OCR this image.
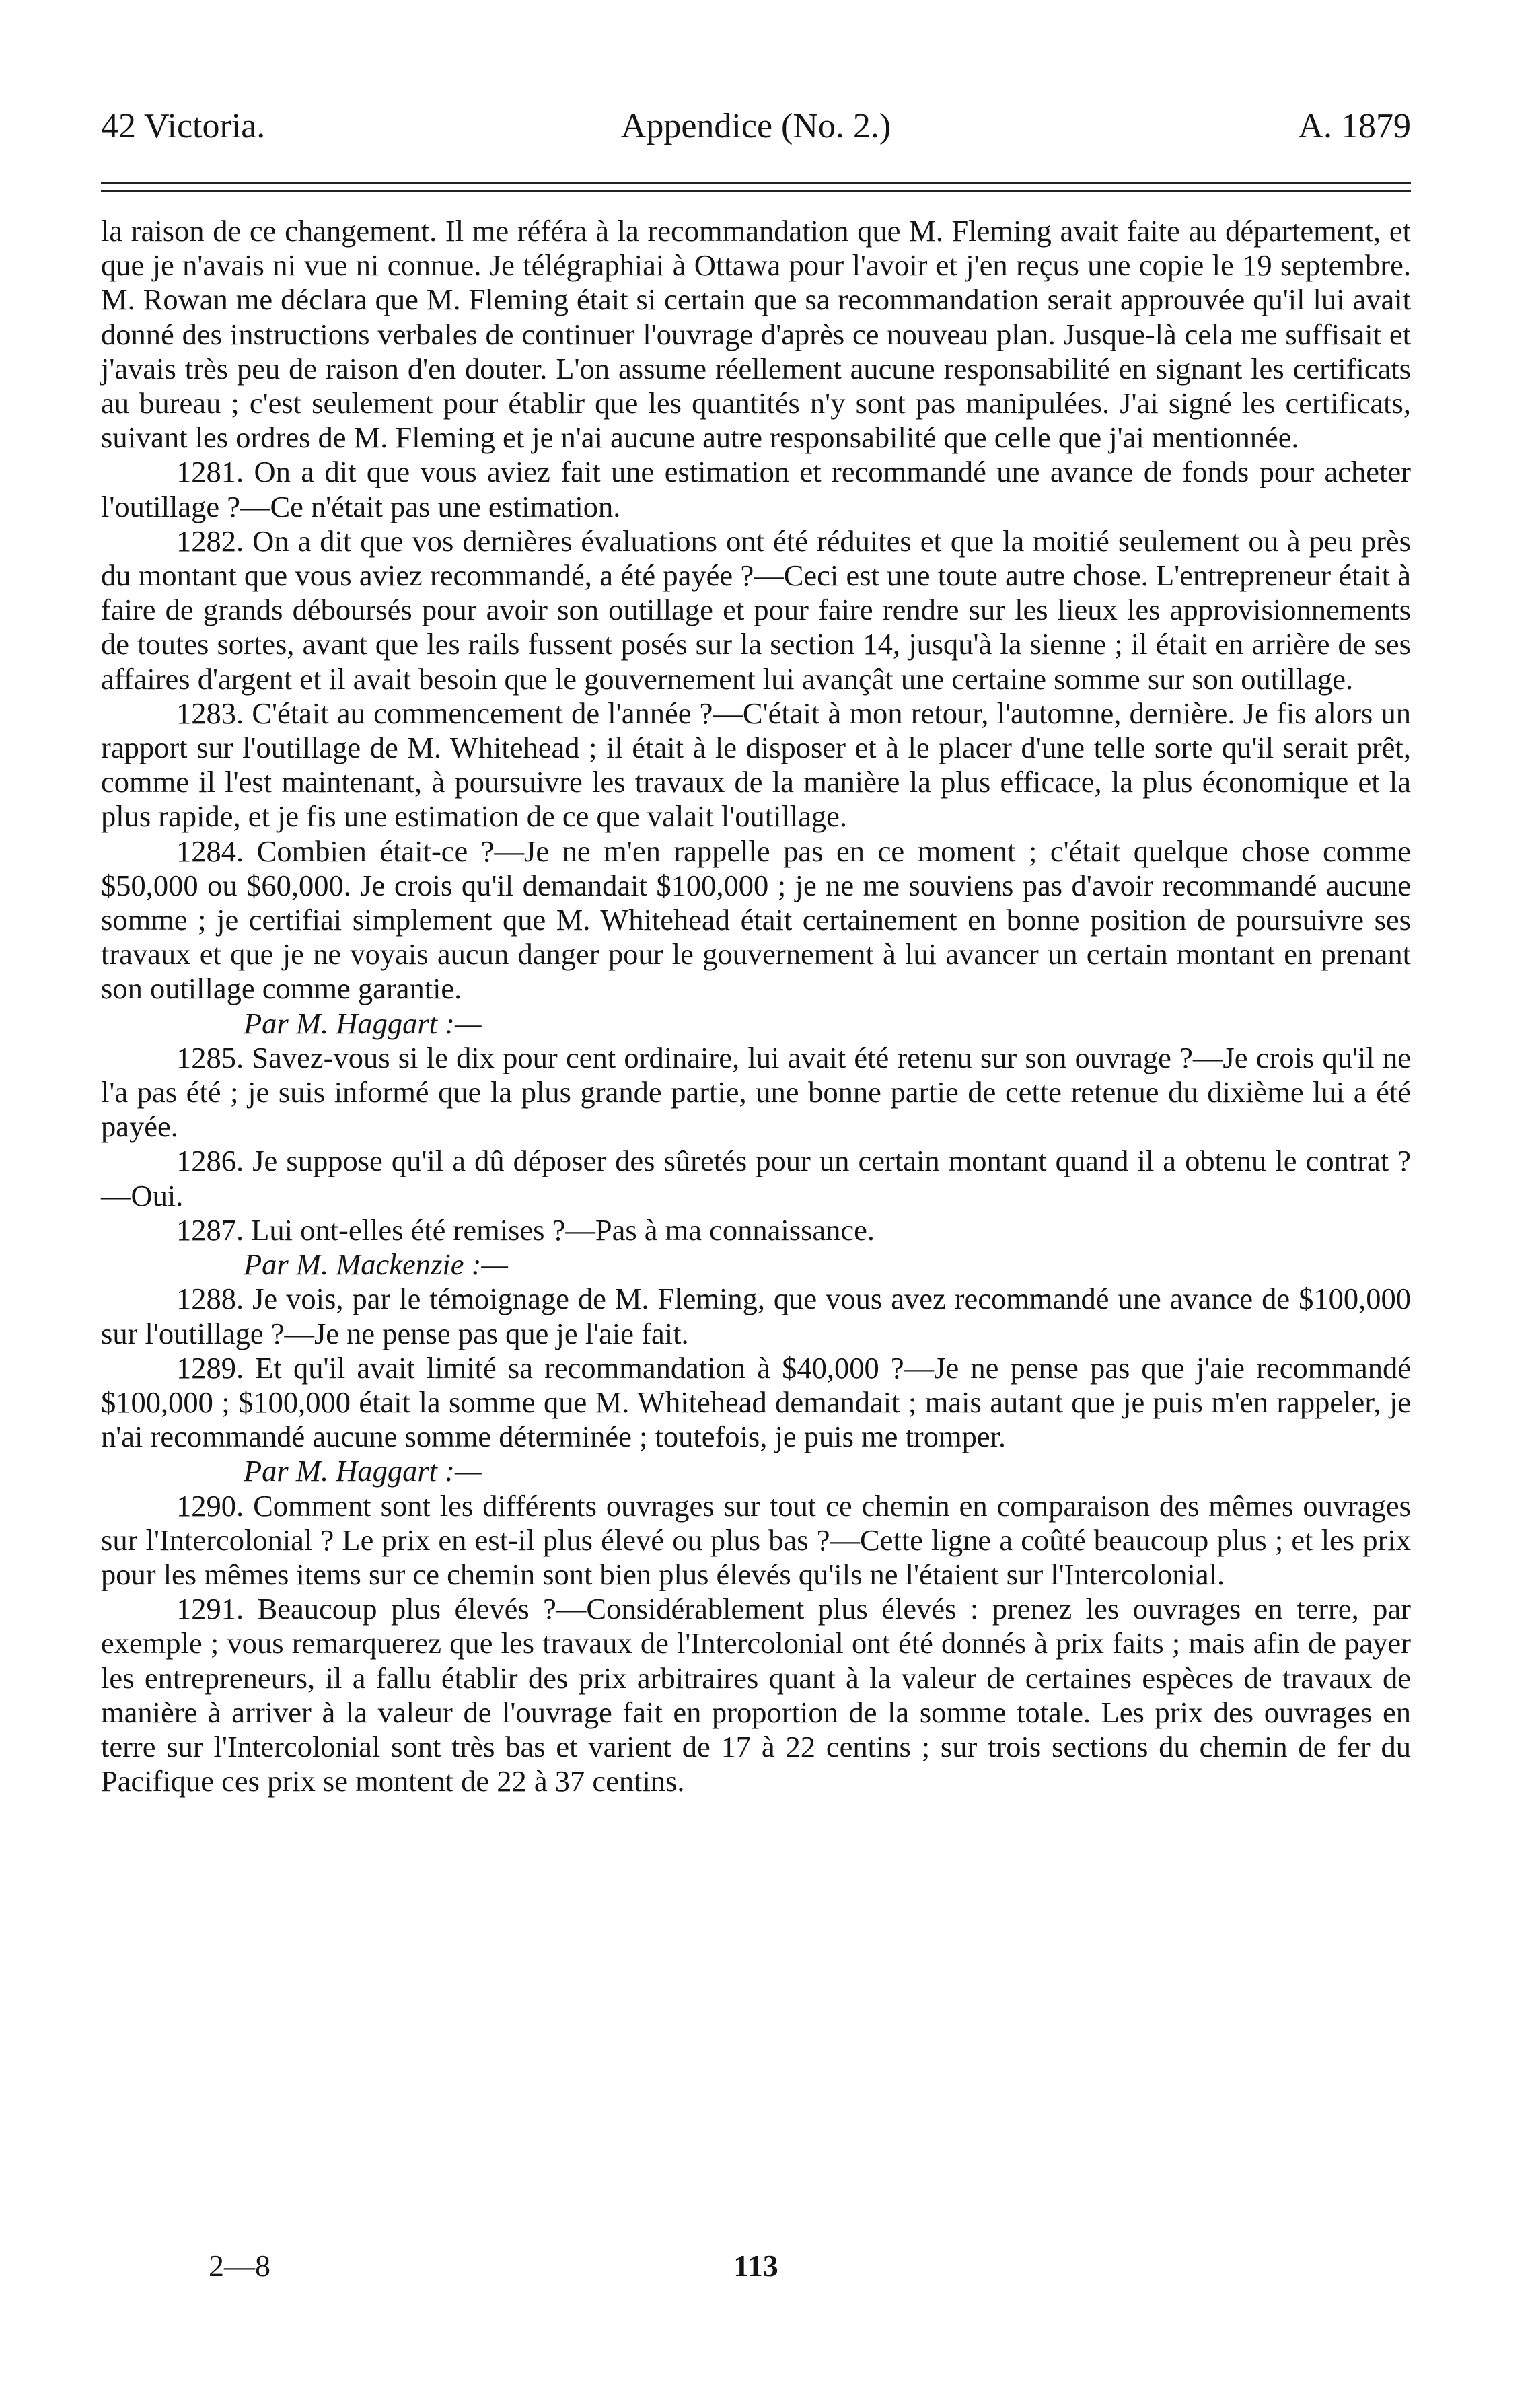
42 Victoria.	Appendice (No. 2.)	A. 1879

la raison de ce changement. Il me référa à la recommandation que M. Fleming avait faite au département, et que je n'avais ni vue ni connue. Je télégraphiai à Ottawa pour l'avoir et j'en reçus une copie le 19 septembre. M. Rowan me déclara que M. Fleming était si certain que sa recommandation serait approuvée qu'il lui avait donné des instructions verbales de continuer l'ouvrage d'après ce nouveau plan. Jusque-là cela me suffisait et j'avais très peu de raison d'en douter. L'on assume réellement aucune responsabilité en signant les certificats au bureau ; c'est seulement pour établir que les quantités n'y sont pas manipulées. J'ai signé les certificats, suivant les ordres de M. Fleming et je n'ai aucune autre responsabilité que celle que j'ai mentionnée.

1281. On a dit que vous aviez fait une estimation et recommandé une avance de fonds pour acheter l'outillage ?—Ce n'était pas une estimation.

1282. On a dit que vos dernières évaluations ont été réduites et que la moitié seulement ou à peu près du montant que vous aviez recommandé, a été payée ?—Ceci est une toute autre chose. L'entrepreneur était à faire de grands déboursés pour avoir son outillage et pour faire rendre sur les lieux les approvisionnements de toutes sortes, avant que les rails fussent posés sur la section 14, jusqu'à la sienne ; il était en arrière de ses affaires d'argent et il avait besoin que le gouvernement lui avançât une certaine somme sur son outillage.

1283. C'était au commencement de l'année ?—C'était à mon retour, l'automne, dernière. Je fis alors un rapport sur l'outillage de M. Whitehead ; il était à le disposer et à le placer d'une telle sorte qu'il serait prêt, comme il l'est maintenant, à poursuivre les travaux de la manière la plus efficace, la plus économique et la plus rapide, et je fis une estimation de ce que valait l'outillage.

1284. Combien était-ce ?—Je ne m'en rappelle pas en ce moment ; c'était quelque chose comme $50,000 ou $60,000. Je crois qu'il demandait $100,000 ; je ne me souviens pas d'avoir recommandé aucune somme ; je certifiai simplement que M. Whitehead était certainement en bonne position de poursuivre ses travaux et que je ne voyais aucun danger pour le gouvernement à lui avancer un certain montant en prenant son outillage comme garantie.

Par M. Haggart :—

1285. Savez-vous si le dix pour cent ordinaire, lui avait été retenu sur son ouvrage ?—Je crois qu'il ne l'a pas été ; je suis informé que la plus grande partie, une bonne partie de cette retenue du dixième lui a été payée.

1286. Je suppose qu'il a dû déposer des sûretés pour un certain montant quand il a obtenu le contrat ?—Oui.

1287. Lui ont-elles été remises ?—Pas à ma connaissance.

Par M. Mackenzie :—

1288. Je vois, par le témoignage de M. Fleming, que vous avez recommandé une avance de $100,000 sur l'outillage ?—Je ne pense pas que je l'aie fait.

1289. Et qu'il avait limité sa recommandation à $40,000 ?—Je ne pense pas que j'aie recommandé $100,000 ; $100,000 était la somme que M. Whitehead demandait ; mais autant que je puis m'en rappeler, je n'ai recommandé aucune somme déterminée ; toutefois, je puis me tromper.

Par M. Haggart :—

1290. Comment sont les différents ouvrages sur tout ce chemin en comparaison des mêmes ouvrages sur l'Intercolonial ? Le prix en est-il plus élevé ou plus bas ?—Cette ligne a coûté beaucoup plus ; et les prix pour les mêmes items sur ce chemin sont bien plus élevés qu'ils ne l'étaient sur l'Intercolonial.

1291. Beaucoup plus élevés ?—Considérablement plus élevés : prenez les ouvrages en terre, par exemple ; vous remarquerez que les travaux de l'Intercolonial ont été donnés à prix faits ; mais afin de payer les entrepreneurs, il a fallu établir des prix arbitraires quant à la valeur de certaines espèces de travaux de manière à arriver à la valeur de l'ouvrage fait en proportion de la somme totale. Les prix des ouvrages en terre sur l'Intercolonial sont très bas et varient de 17 à 22 centins ; sur trois sections du chemin de fer du Pacifique ces prix se montent de 22 à 37 centins.

2—8	113
